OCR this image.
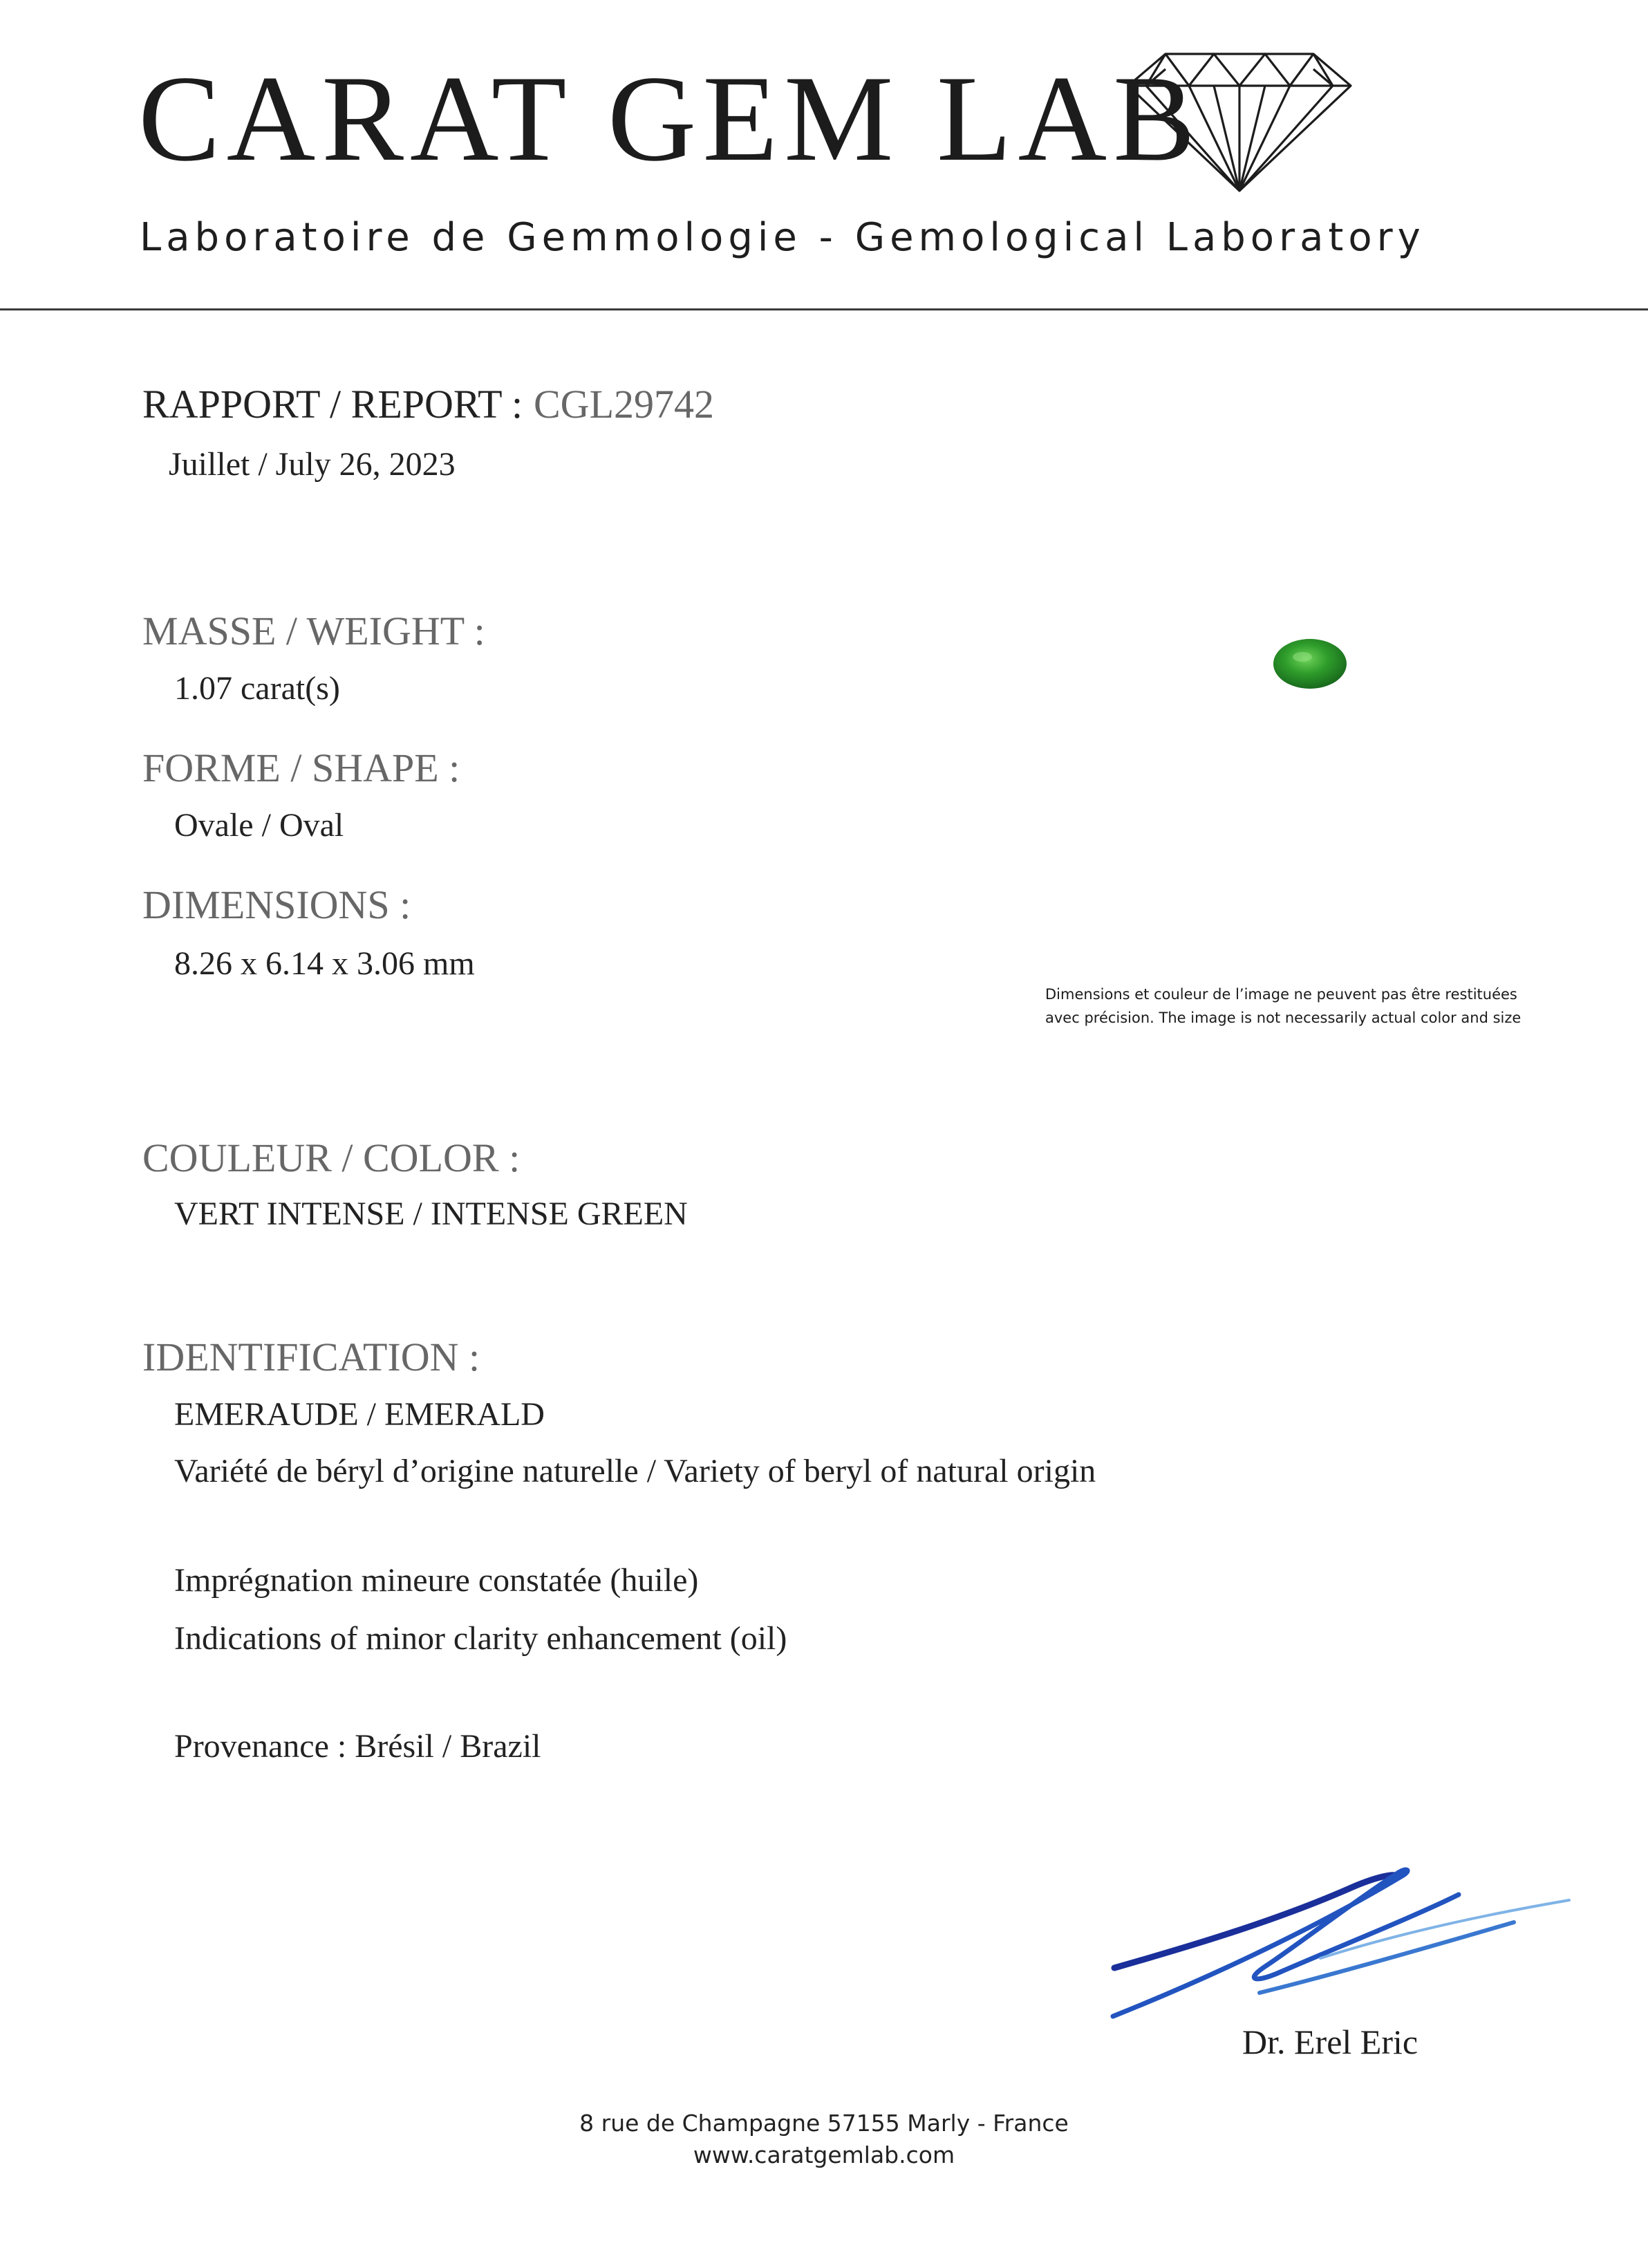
CARAT GEM LAB
Laboratoire de Gemmologie - Gemological Laboratory
RAPPORT / REPORT : CGL29742
Juillet / July 26, 2023
MASSE / WEIGHT :
1.07 carat(s)
FORME / SHAPE :
Ovale / Oval
DIMENSIONS :
8.26 x 6.14 x 3.06 mm
Dimensions et couleur de l’image ne peuvent pas être restituées
avec précision. The image is not necessarily actual color and size
COULEUR / COLOR :
VERT INTENSE / INTENSE GREEN
IDENTIFICATION :
EMERAUDE / EMERALD
Variété de béryl d’origine naturelle / Variety of beryl of natural origin
Imprégnation mineure constatée (huile)
Indications of minor clarity enhancement (oil)
Provenance : Brésil / Brazil
Dr. Erel Eric
8 rue de Champagne 57155 Marly - France
www.caratgemlab.com
